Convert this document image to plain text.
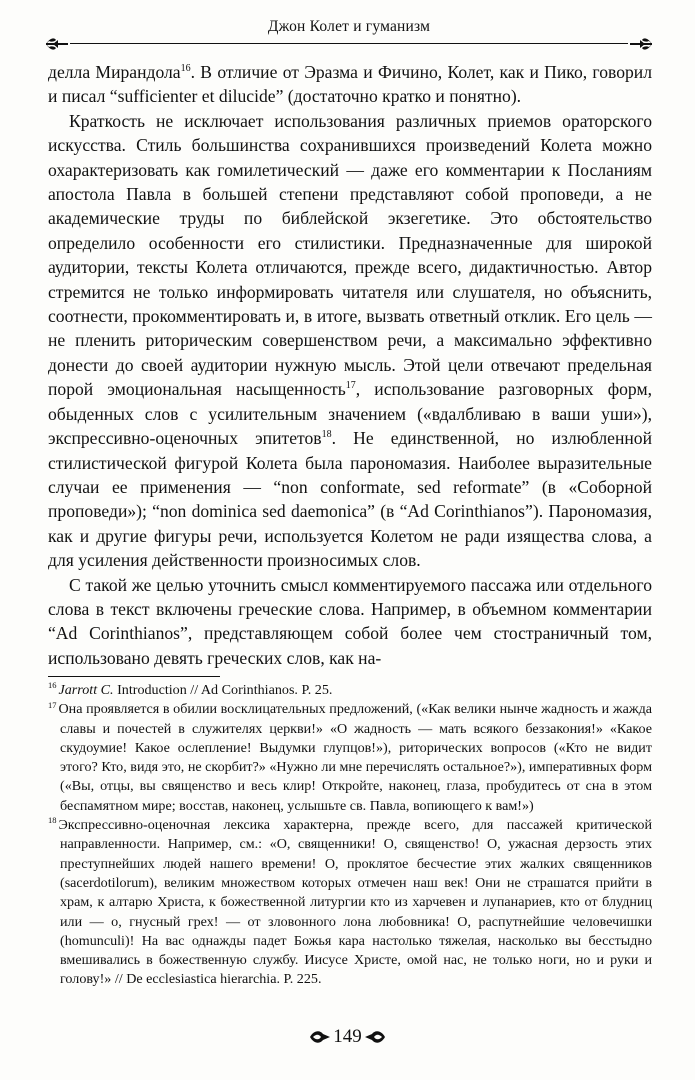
Джон Колет и гуманизм

делла Мирандола$^{16}$. В отличие от Эразма и Фичино, Колет, как и Пико, говорил и писал “sufficienter et dilucide” (достаточно кратко и понятно).

Краткость не исключает использования различных приемов ораторского искусства. Стиль большинства сохранившихся произведений Колета можно охарактеризовать как гомилетический — даже его комментарии к Посланиям апостола Павла в большей степени представляют собой проповеди, а не академические труды по библейской экзегетике. Это обстоятельство определило особенности его стилистики. Предназначенные для широкой аудитории, тексты Колета отличаются, прежде всего, дидактичностью. Автор стремится не только информировать читателя или слушателя, но объяснить, соотнести, прокомментировать и, в итоге, вызвать ответный отклик. Его цель — не пленить риторическим совершенством речи, а максимально эффективно донести до своей аудитории нужную мысль. Этой цели отвечают предельная порой эмоциональная насыщенность$^{17}$, использование разговорных форм, обыденных слов с усилительным значением («вдалбливаю в ваши уши»), экспрессивно-оценочных эпитетов$^{18}$. Не единственной, но излюбленной стилистической фигурой Колета была парономазия. Наиболее выразительные случаи ее применения — “non conformate, sed reformate” (в «Соборной проповеди»); “non dominica sed daemonica” (в “Ad Corinthianos”). Парономазия, как и другие фигуры речи, используется Колетом не ради изящества слова, а для усиления действенности произносимых слов.

С такой же целью уточнить смысл комментируемого пассажа или отдельного слова в текст включены греческие слова. Например, в объемном комментарии “Ad Corinthianos”, представляющем собой более чем стостраничный том, использовано девять греческих слов, как на-

$^{16}$ Jarrott C. Introduction // Ad Corinthianos. P. 25.

$^{17}$ Она проявляется в обилии восклицательных предложений, («Как велики нынче жадность и жажда славы и почестей в служителях церкви!» «О жадность — мать всякого беззакония!» «Какое скудоумие! Какое ослепление! Выдумки глупцов!»), риторических вопросов («Кто не видит этого? Кто, видя это, не скорбит?» «Нужно ли мне перечислять остальное?»), императивных форм («Вы, отцы, вы священство и весь клир! Откройте, наконец, глаза, пробудитесь от сна в этом беспамятном мире; восстав, наконец, услышьте св. Павла, вопиющего к вам!»)

$^{18}$ Экспрессивно-оценочная лексика характерна, прежде всего, для пассажей критической направленности. Например, см.: «О, священники! О, священство! О, ужасная дерзость этих преступнейших людей нашего времени! О, проклятое бесчестие этих жалких священников (sacerdotilorum), великим множеством которых отмечен наш век! Они не страшатся прийти в храм, к алтарю Христа, к божественной литургии кто из харчевен и лупанариев, кто от блудниц или — о, гнусный грех! — от зловонного лона любовника! О, распутнейшие человечишки (homunculi)! На вас однажды падет Божья кара настолько тяжелая, насколько вы бесстыдно вмешивались в божественную службу. Иисусе Христе, омой нас, не только ноги, но и руки и голову!» // De ecclesiastica hierarchia. P. 225.

149
